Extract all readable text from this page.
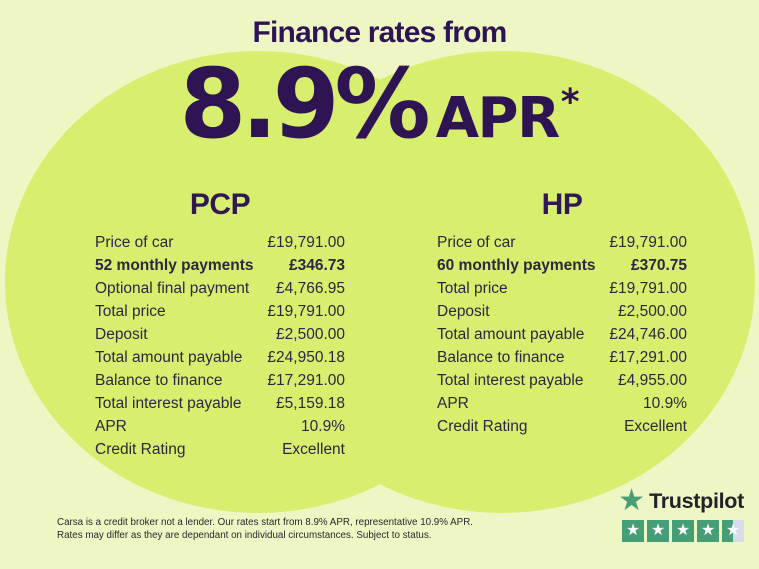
Finance rates from
8.9% APR *
PCP
Price of car	£19,791.00
52 monthly payments £346.73
Optional final payment £4,766.95
Total price	£19,791.00
Deposit	£2,500.00
Total amount payable £24,950.18
Balance to finance	£17,291.00
Total interest payable £5,159.18
APR	10.9%
Credit Rating	Excellent
HP
Price of car	£19,791.00
60 monthly payments £370.75
Total price	£19,791.00
Deposit	£2,500.00
Total amount payable £24,746.00
Balance to finance	£17,291.00
Total interest payable £4,955.00
APR	10.9%
Credit Rating	Excellent
Carsa is a credit broker not a lender. Our rates start from 8.9% APR, representative 10.9% APR.
Rates may differ as they are dependant on individual circumstances. Subject to status.
★ Trustpilot
★ ★ ★ ★ ★
